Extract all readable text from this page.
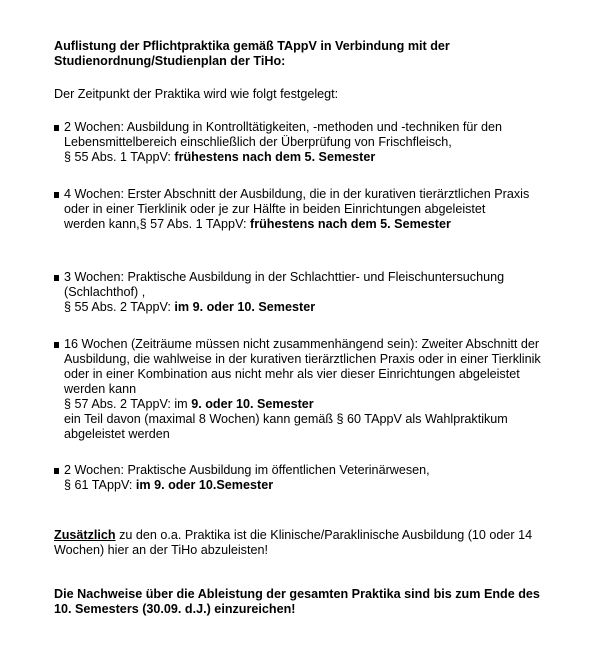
Auflistung der Pflichtpraktika gemäß TAppV in Verbindung mit der
Studienordnung/Studienplan der TiHo:
Der Zeitpunkt der Praktika wird wie folgt festgelegt:
2 Wochen: Ausbildung in Kontrolltätigkeiten, -methoden und -techniken für den
Lebensmittelbereich einschließlich der Überprüfung von Frischfleisch,
§ 55 Abs. 1 TAppV: frühestens nach dem 5. Semester
4 Wochen: Erster Abschnitt der Ausbildung, die in der kurativen tierärztlichen Praxis
oder in einer Tierklinik oder je zur Hälfte in beiden Einrichtungen abgeleistet
werden kann,§ 57 Abs. 1 TAppV: frühestens nach dem 5. Semester
3 Wochen: Praktische Ausbildung in der Schlachttier- und Fleischuntersuchung
(Schlachthof) ,
§ 55 Abs. 2 TAppV: im 9. oder 10. Semester
16 Wochen (Zeiträume müssen nicht zusammenhängend sein): Zweiter Abschnitt der
Ausbildung, die wahlweise in der kurativen tierärztlichen Praxis oder in einer Tierklinik
oder in einer Kombination aus nicht mehr als vier dieser Einrichtungen abgeleistet
werden kann
§ 57 Abs. 2 TAppV: im 9. oder 10. Semester
ein Teil davon (maximal 8 Wochen) kann gemäß § 60 TAppV als Wahlpraktikum
abgeleistet werden
2 Wochen: Praktische Ausbildung im öffentlichen Veterinärwesen,
§ 61 TAppV: im 9. oder 10.Semester
Zusätzlich zu den o.a. Praktika ist die Klinische/Paraklinische Ausbildung (10 oder 14
Wochen) hier an der TiHo abzuleisten!
Die Nachweise über die Ableistung der gesamten Praktika sind bis zum Ende des
10. Semesters (30.09. d.J.) einzureichen!
